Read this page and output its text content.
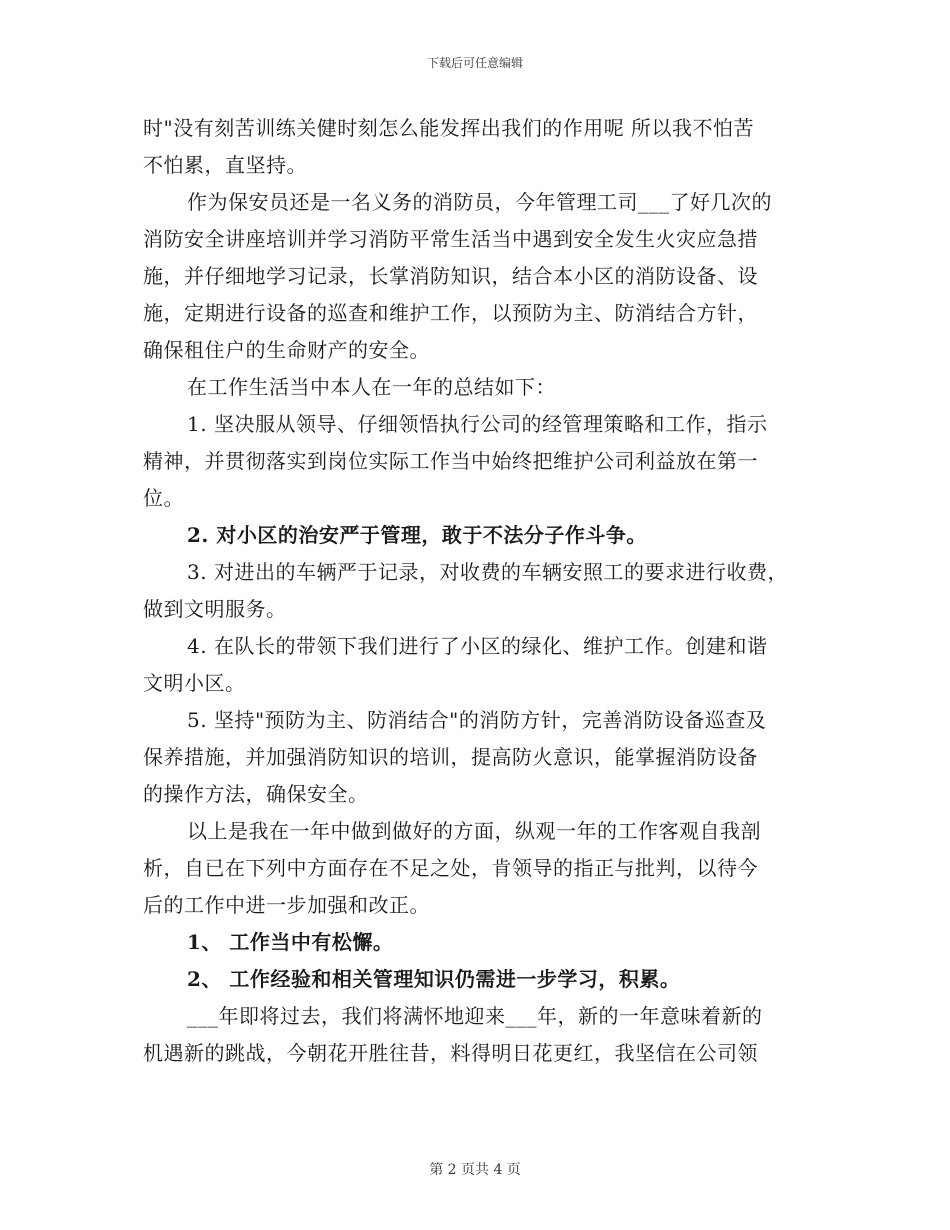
下载后可任意编辑
时"没有刻苦训练关健时刻怎么能发挥出我们的作用呢 所以我不怕苦
不怕累，直坚持。
作为保安员还是一名义务的消防员，今年管理工司___了好几次的
消防安全讲座培训并学习消防平常生活当中遇到安全发生火灾应急措
施，并仔细地学习记录，长掌消防知识，结合本小区的消防设备、设
施，定期进行设备的巡查和维护工作，以预防为主、防消结合方针，
确保租住户的生命财产的安全。
在工作生活当中本人在一年的总结如下：
1. 坚决服从领导、仔细领悟执行公司的经管理策略和工作，指示
精神，并贯彻落实到岗位实际工作当中始终把维护公司利益放在第一
位。
2. 对小区的治安严于管理，敢于不法分子作斗争。
3. 对进出的车辆严于记录，对收费的车辆安照工的要求进行收费，
做到文明服务。
4. 在队长的带领下我们进行了小区的绿化、维护工作。创建和谐
文明小区。
5. 坚持"预防为主、防消结合"的消防方针，完善消防设备巡查及
保养措施，并加强消防知识的培训，提高防火意识，能掌握消防设备
的操作方法，确保安全。
以上是我在一年中做到做好的方面，纵观一年的工作客观自我剖
析，自已在下列中方面存在不足之处，肯领导的指正与批判，以待今
后的工作中进一步加强和改正。
1、 工作当中有松懈。
2、 工作经验和相关管理知识仍需进一步学习，积累。
___年即将过去，我们将满怀地迎来___年，新的一年意味着新的
机遇新的跳战，今朝花开胜往昔，料得明日花更红，我坚信在公司领
第 2 页共 4 页
